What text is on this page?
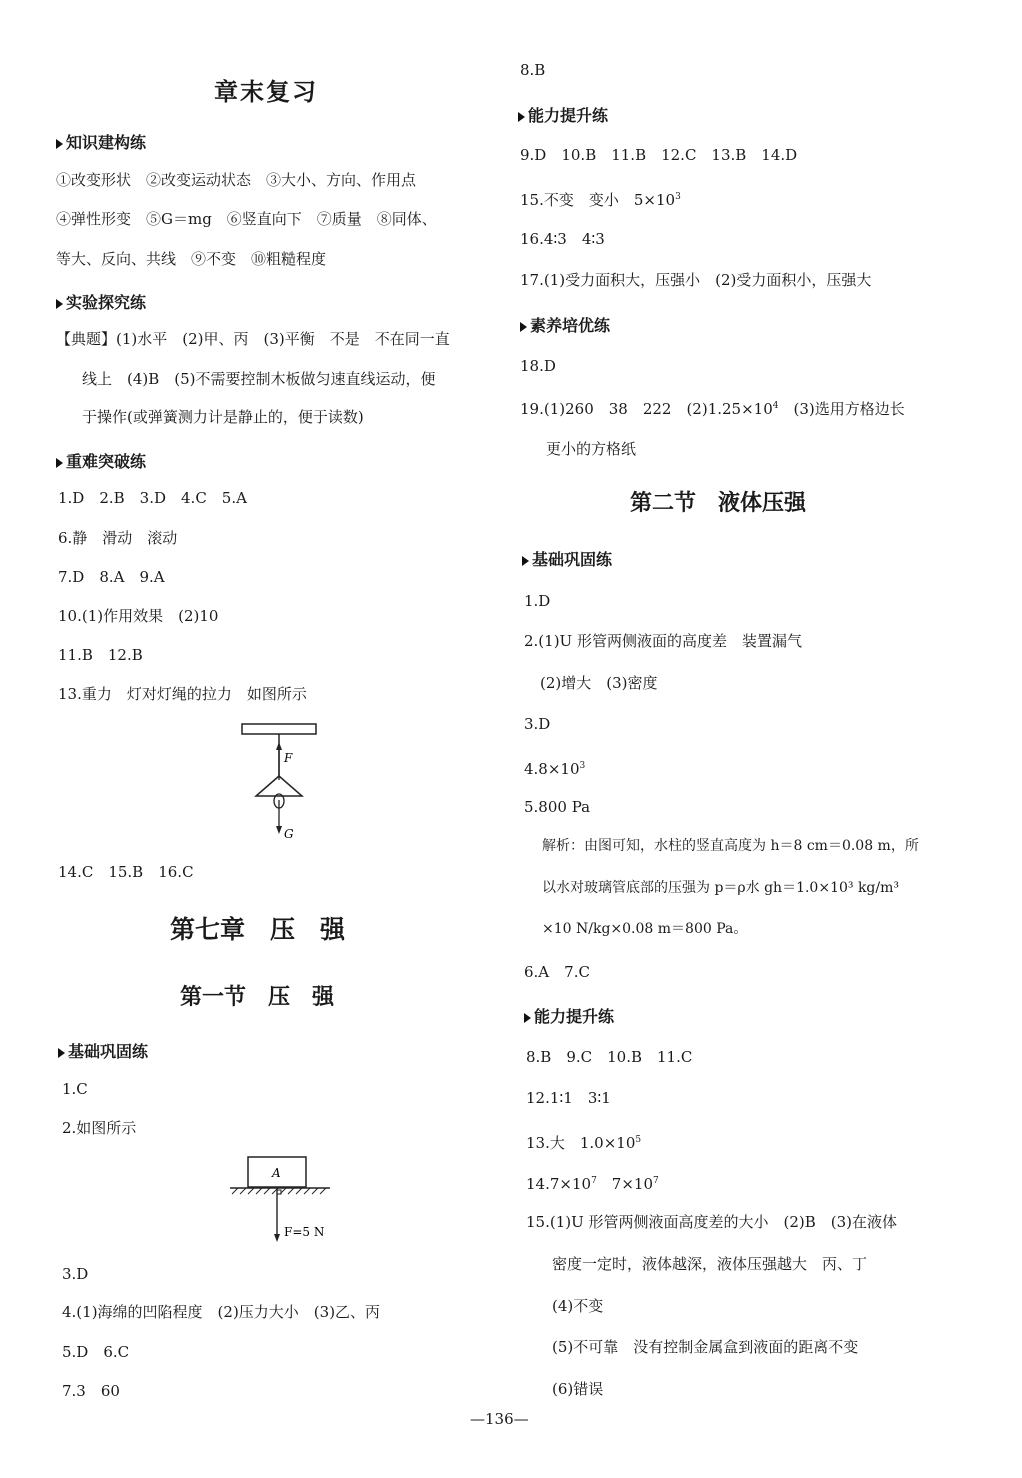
章末复习
知识建构练
①改变形状　②改变运动状态　③大小、方向、作用点
④弹性形变　⑤G＝mg　⑥竖直向下　⑦质量　⑧同体、
等大、反向、共线　⑨不变　⑩粗糙程度
实验探究练
【典题】(1)水平　(2)甲、丙　(3)平衡　不是　不在同一直
线上　(4)B　(5)不需要控制木板做匀速直线运动，便
于操作(或弹簧测力计是静止的，便于读数)
重难突破练
1.D　2.B　3.D　4.C　5.A
6.静　滑动　滚动
7.D　8.A　9.A
10.(1)作用效果　(2)10
11.B　12.B
13.重力　灯对灯绳的拉力　如图所示
F
G
14.C　15.B　16.C
第七章　压　强
第一节　压　强
基础巩固练
1.C
2.如图所示
A
F=5 N
3.D
4.(1)海绵的凹陷程度　(2)压力大小　(3)乙、丙
5.D　6.C
7.3　60
8.B
能力提升练
9.D　10.B　11.B　12.C　13.B　14.D
15.不变　变小　$5\times 10^3$
16.4∶3　4∶3
17.(1)受力面积大，压强小　(2)受力面积小，压强大
素养培优练
18.D
19.(1)260　38　222　$(2)1.25\times 10^4$　(3)选用方格边长
更小的方格纸
第二节　液体压强
基础巩固练
1.D
2.(1)U 形管两侧液面的高度差　装置漏气
(2)增大　(3)密度
3.D
$4.8\times 10^3$
5.800 Pa
解析：由图可知，水柱的竖直高度为 h＝8 cm＝0.08 m，所
以水对玻璃管底部的压强为 p＝ρ水 gh＝1.0×10³ kg/m³
×10 N/kg×0.08 m＝800 Pa。
6.A　7.C
能力提升练
8.B　9.C　10.B　11.C
12.1∶1　3∶1
13.大　$1.0\times 10^5$
$14.7\times 10^7$　$7\times 10^7$
15.(1)U 形管两侧液面高度差的大小　(2)B　(3)在液体
密度一定时，液体越深，液体压强越大　丙、丁
(4)不变
(5)不可靠　没有控制金属盒到液面的距离不变
(6)错误
—136—
